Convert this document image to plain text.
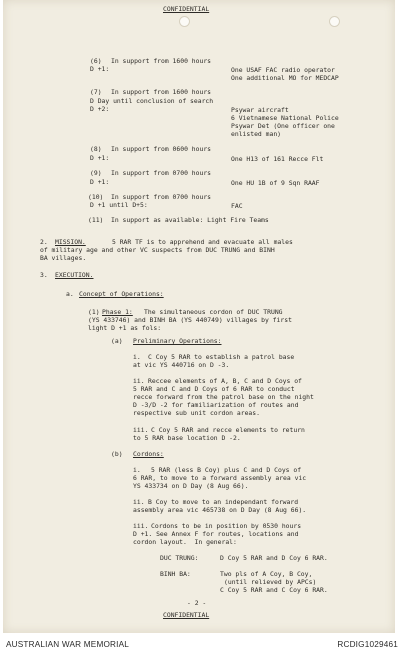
CONFIDENTIAL
(6) In support from 1600 hours
D +1:	One USAF FAC radio operator
One additional MO for MEDCAP
(7) In support from 1600 hours
D Day until conclusion of search
D +2:	Psywar aircraft
6 Vietnamese National Police
Psywar Det (One officer one
enlisted man)
(8) In support from 0600 hours
D +1:	One H13 of 161 Recce Flt
(9) In support from 0700 hours
D +1:	One HU 1B of 9 Sqn RAAF
(10) In support from 0700 hours
D +1 until D+5:	FAC
(11) In support as available: Light Fire Teams
2. MISSION.	5 RAR TF is to apprehend and evacuate all males
of military age and other VC suspects from DUC TRUNG and BINH
BA villages.
3. EXECUTION.
a. Concept of Operations:
(1) Phase 1: The simultaneous cordon of DUC TRUNG
(YS 433746) and BINH BA (YS 440749) villages by first
light D +1 as fols:
(a) Preliminary Operations:
i. C Coy 5 RAR to establish a patrol base
at vic YS 440716 on D -3.
ii. Reccee elements of A, B, C and D Coys of
5 RAR and C and D Coys of 6 RAR to conduct
recce forward from the patrol base on the night
D -3/D -2 for familiarization of routes and
respective sub unit cordon areas.
iii. C Coy 5 RAR and recce elements to return
to 5 RAR base location D -2.
(b) Cordons:
i. 5 RAR (less B Coy) plus C and D Coys of
6 RAR, to move to a forward assembly area vic
YS 433734 on D Day (8 Aug 66).
ii. B Coy to move to an independant forward
assembly area vic 465738 on D Day (8 Aug 66).
iii. Cordons to be in position by 0530 hours
D +1. See Annex F for routes, locations and
cordon layout.  In general:
DUC TRUNG:	D Coy 5 RAR and D Coy 6 RAR.
BINH BA:	Two pls of A Coy, B Coy,
(until relieved by APCs)
C Coy 5 RAR and C Coy 6 RAR.
- 2 -
CONFIDENTIAL
AUSTRALIAN WAR MEMORIAL	RCDIG1029461
